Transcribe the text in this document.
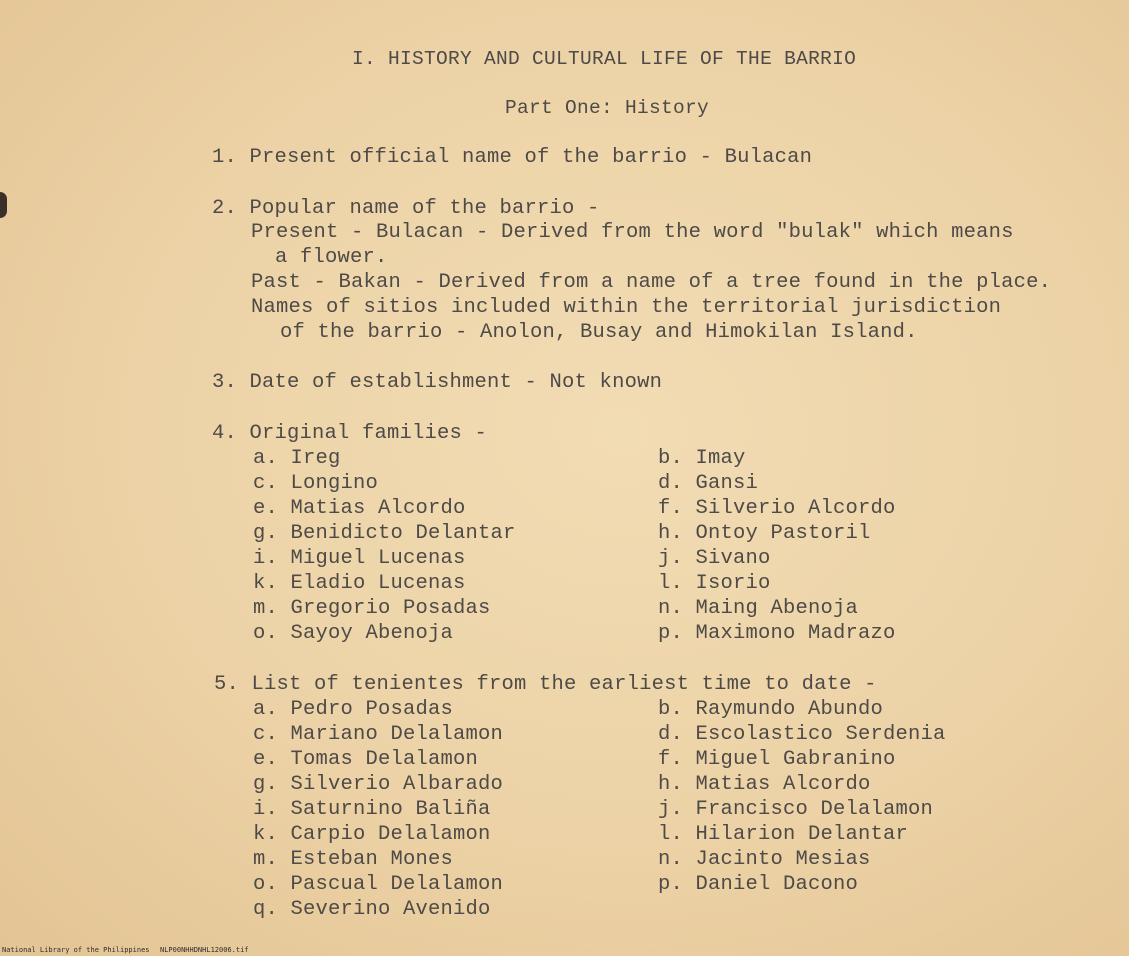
I. HISTORY AND CULTURAL LIFE OF THE BARRIO
Part One: History
1. Present official name of the barrio - Bulacan
2. Popular name of the barrio -
Present - Bulacan - Derived from the word "bulak" which means
a flower.
Past - Bakan - Derived from a name of a tree found in the place.
Names of sitios included within the territorial jurisdiction
of the barrio - Anolon, Busay and Himokilan Island.
3. Date of establishment - Not known
4. Original families -
a. Ireg
c. Longino
e. Matias Alcordo
g. Benidicto Delantar
i. Miguel Lucenas
k. Eladio Lucenas
m. Gregorio Posadas
o. Sayoy Abenoja
b. Imay
d. Gansi
f. Silverio Alcordo
h. Ontoy Pastoril
j. Sivano
l. Isorio
n. Maing Abenoja
p. Maximono Madrazo
5. List of tenientes from the earliest time to date -
a. Pedro Posadas
c. Mariano Delalamon
e. Tomas Delalamon
g. Silverio Albarado
i. Saturnino Baliña
k. Carpio Delalamon
m. Esteban Mones
o. Pascual Delalamon
q. Severino Avenido
b. Raymundo Abundo
d. Escolastico Serdenia
f. Miguel Gabranino
h. Matias Alcordo
j. Francisco Delalamon
l. Hilarion Delantar
n. Jacinto Mesias
p. Daniel Dacono
National Library of the Philippines NLP00NHHDNHL12006.tif
